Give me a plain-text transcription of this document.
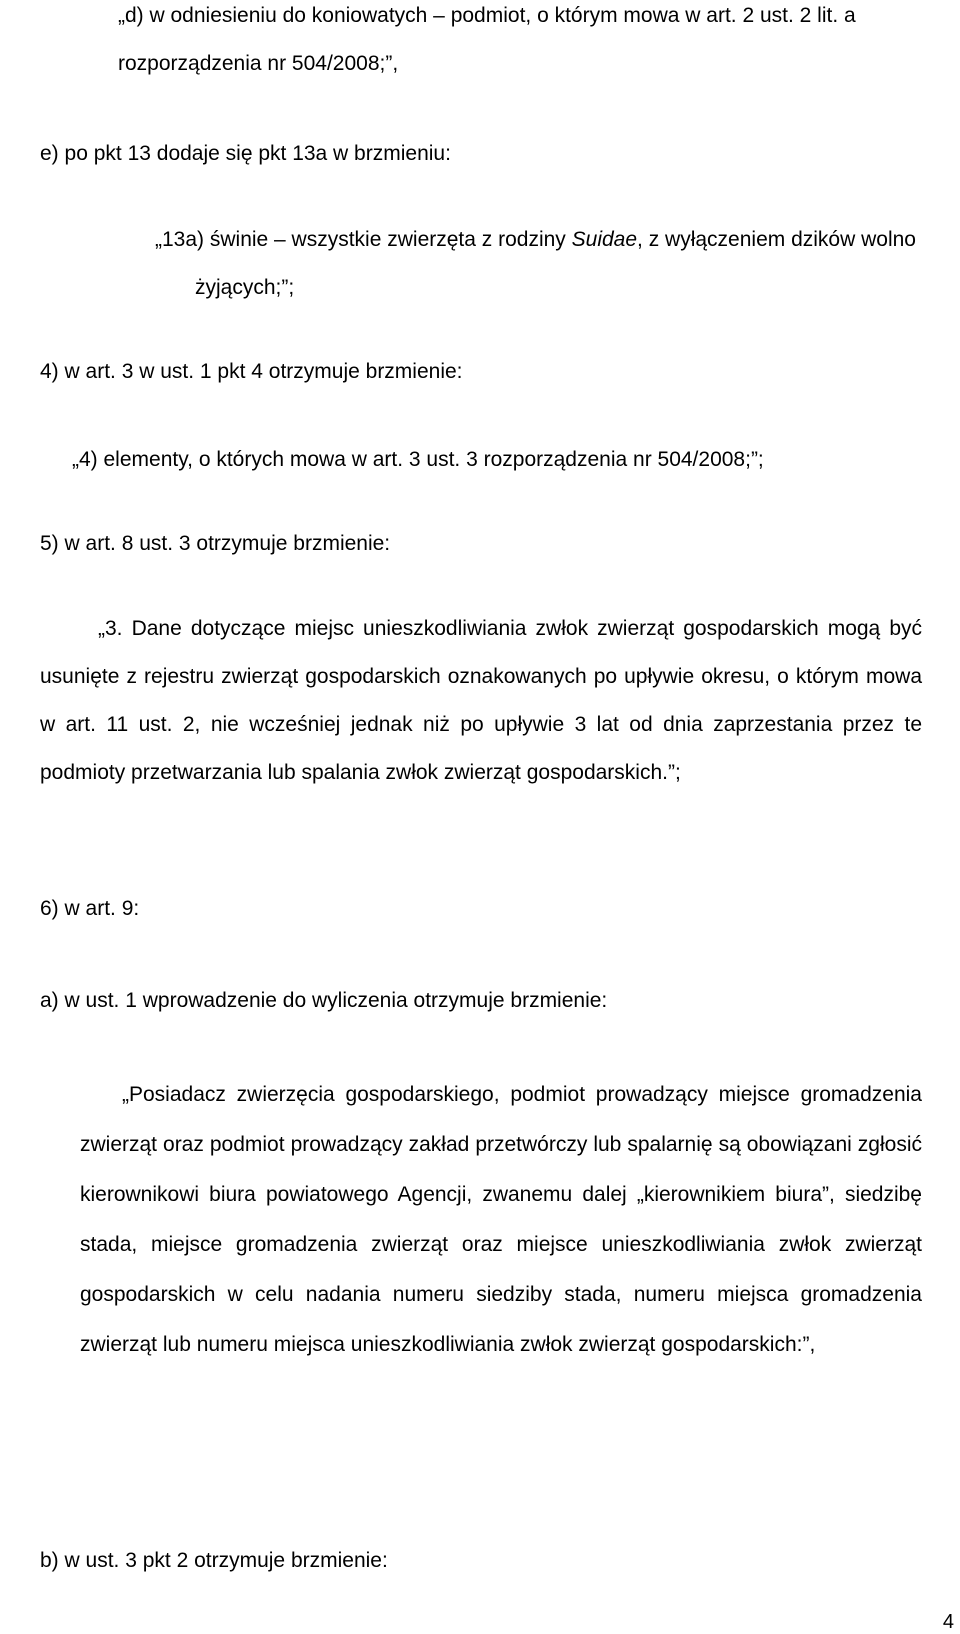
„d) w odniesieniu do koniowatych – podmiot, o którym mowa w art. 2 ust. 2 lit. a rozporządzenia nr 504/2008;”,

e) po pkt 13 dodaje się pkt 13a w brzmieniu:

„13a) świnie – wszystkie zwierzęta z rodziny Suidae, z wyłączeniem dzików wolno żyjących;”;

4) w art. 3 w ust. 1 pkt 4 otrzymuje brzmienie:

„4) elementy, o których mowa w art. 3 ust. 3 rozporządzenia nr 504/2008;”;

5) w art. 8 ust. 3 otrzymuje brzmienie:

„3. Dane dotyczące miejsc unieszkodliwiania zwłok zwierząt gospodarskich mogą być usunięte z rejestru zwierząt gospodarskich oznakowanych po upływie okresu, o którym mowa w art. 11 ust. 2, nie wcześniej jednak niż po upływie 3 lat od dnia zaprzestania przez te podmioty przetwarzania lub spalania zwłok zwierząt gospodarskich.”;

6) w art. 9:

a) w ust. 1 wprowadzenie do wyliczenia otrzymuje brzmienie:

„Posiadacz zwierzęcia gospodarskiego, podmiot prowadzący miejsce gromadzenia zwierząt oraz podmiot prowadzący zakład przetwórczy lub spalarnię są obowiązani zgłosić kierownikowi biura powiatowego Agencji, zwanemu dalej „kierownikiem biura”, siedzibę stada, miejsce gromadzenia zwierząt oraz miejsce unieszkodliwiania zwłok zwierząt gospodarskich w celu nadania numeru siedziby stada, numeru miejsca gromadzenia zwierząt lub numeru miejsca unieszkodliwiania zwłok zwierząt gospodarskich:”,

b) w ust. 3 pkt 2 otrzymuje brzmienie:

4
